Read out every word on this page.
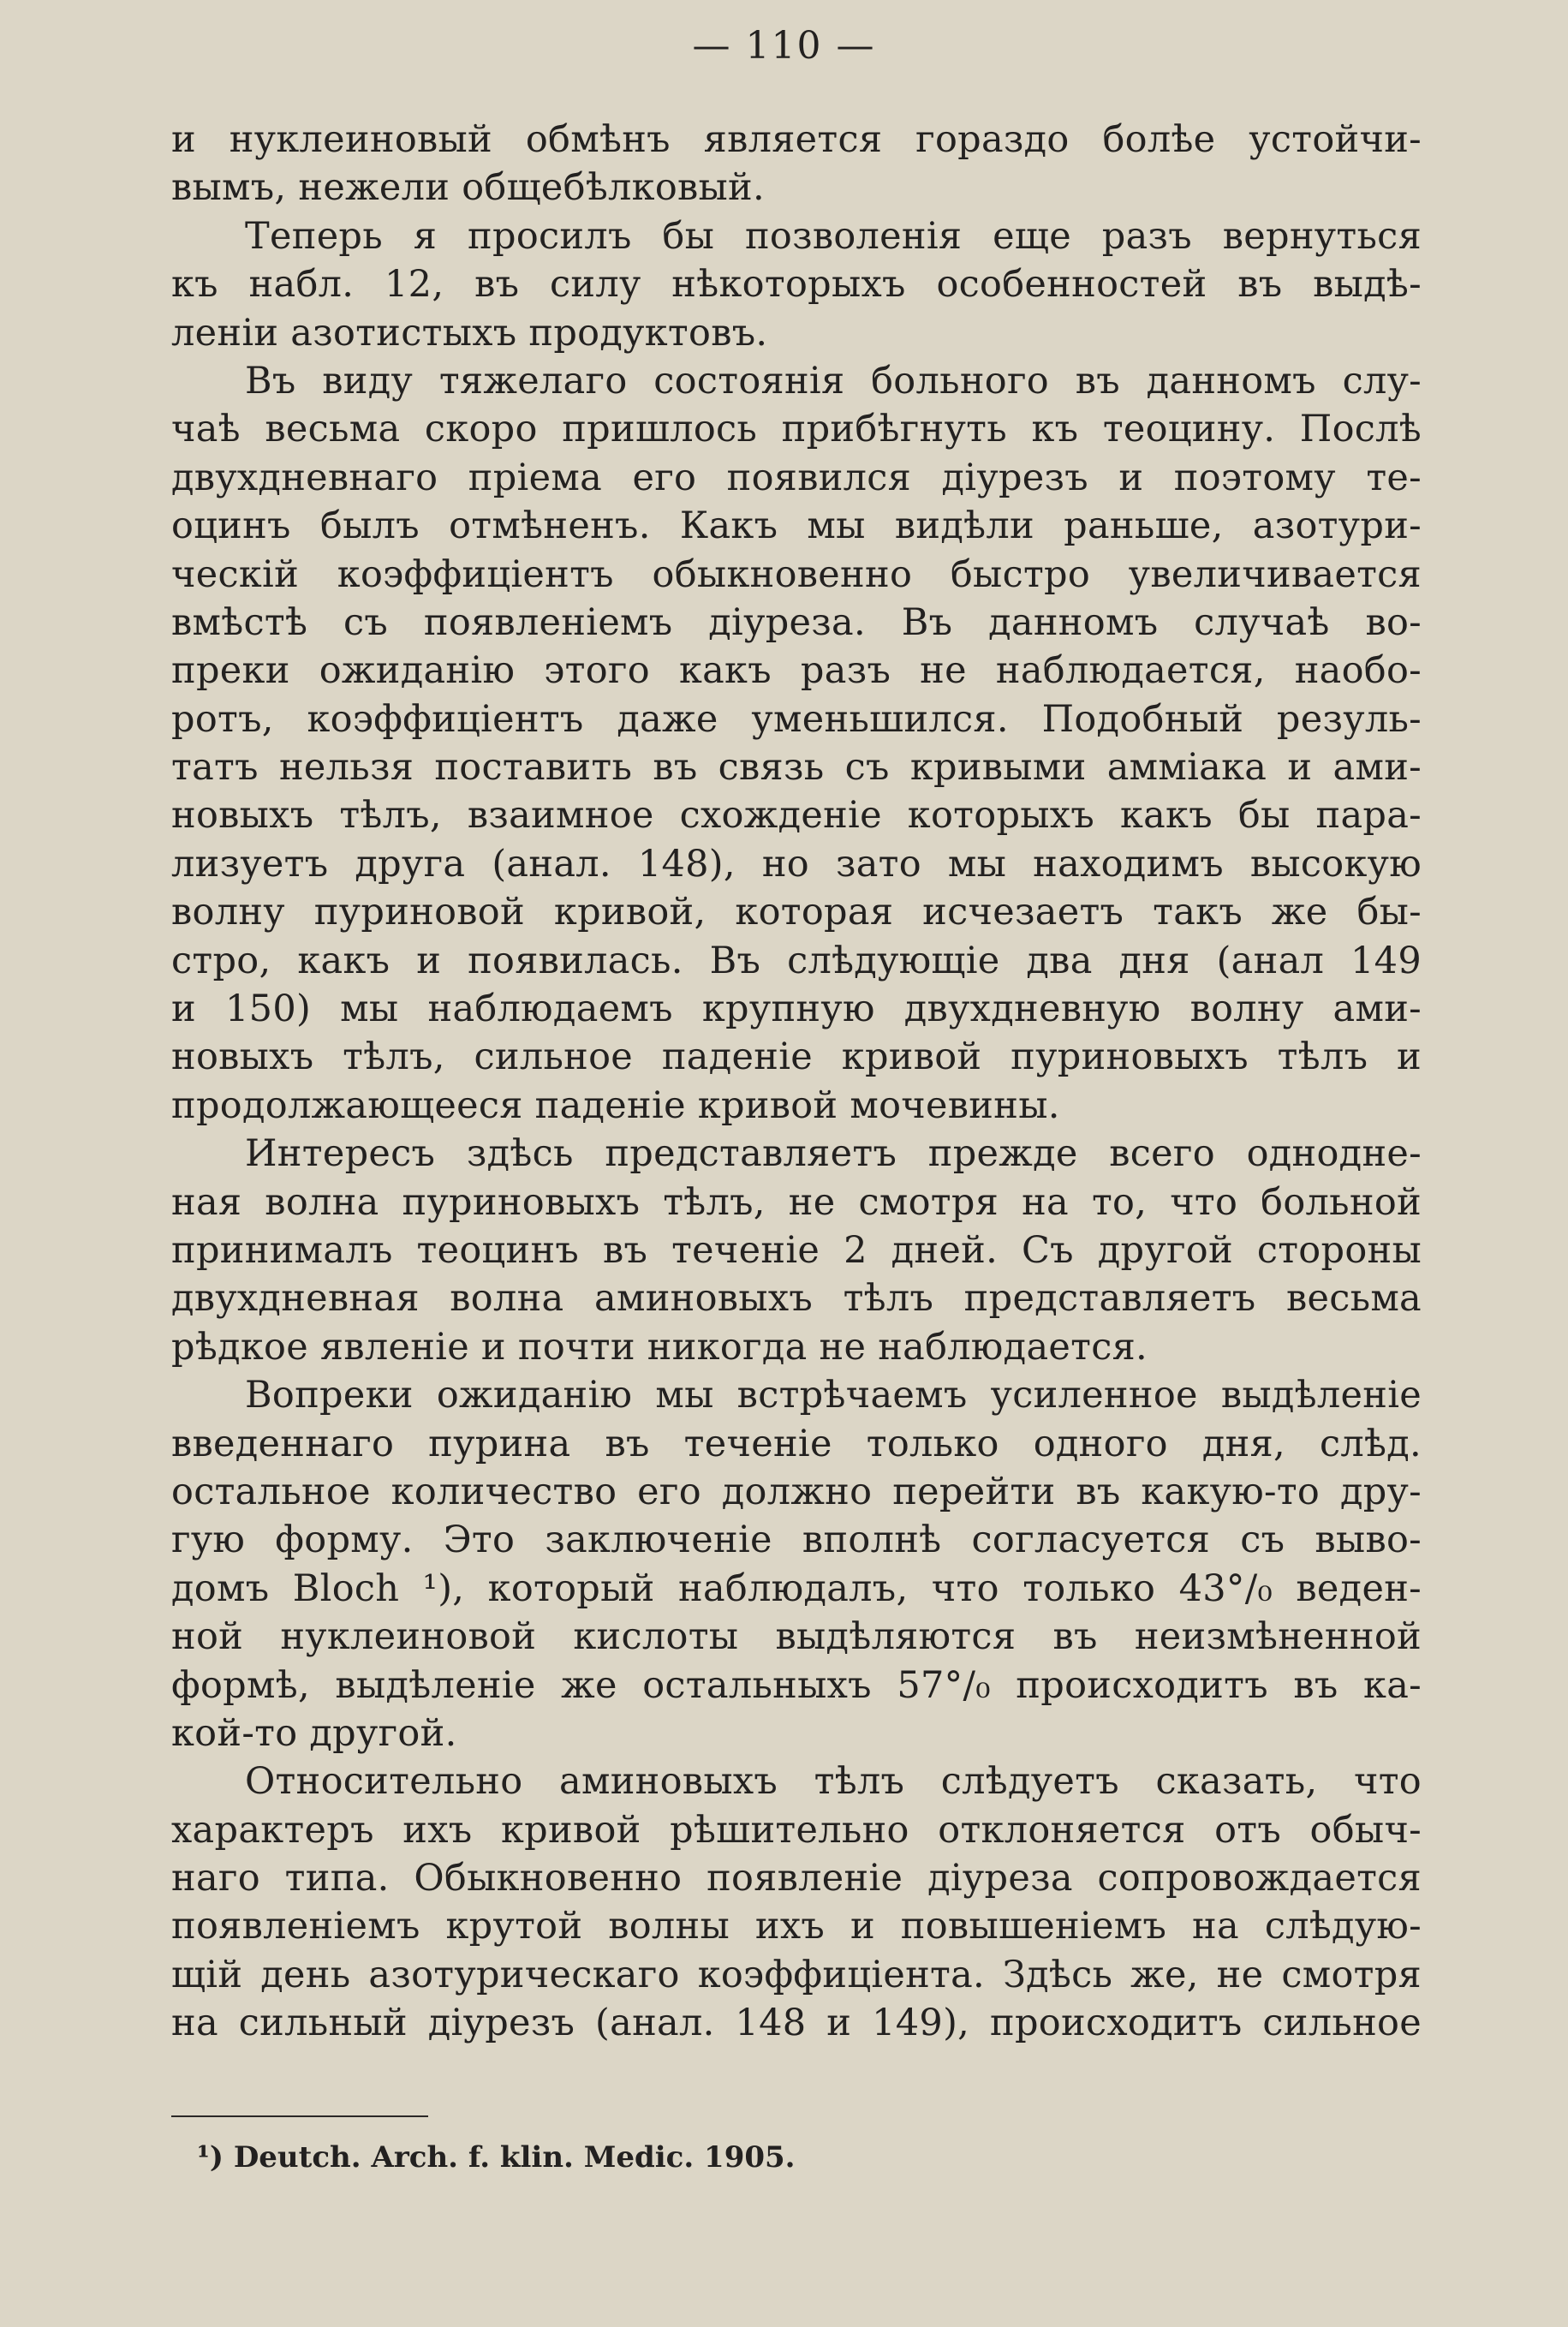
— 110 —
и нуклеиновый обмѣнъ является гораздо болѣе устойчи-
вымъ, нежели общебѣлковый.
Теперь я просилъ бы позволенія еще разъ вернуться
къ набл. 12, въ силу нѣкоторыхъ особенностей въ выдѣ-
леніи азотистыхъ продуктовъ.
Въ виду тяжелаго состоянія больного въ данномъ слу-
чаѣ весьма скоро пришлось прибѣгнуть къ теоцину. Послѣ
двухдневнаго пріема его появился діурезъ и поэтому те-
оцинъ былъ отмѣненъ. Какъ мы видѣли раньше, азотури-
ческій коэффиціентъ обыкновенно быстро увеличивается
вмѣстѣ съ появленіемъ діуреза. Въ данномъ случаѣ во-
преки ожиданію этого какъ разъ не наблюдается, наобо-
ротъ, коэффиціентъ даже уменьшился. Подобный резуль-
татъ нельзя поставить въ связь съ кривыми амміака и ами-
новыхъ тѣлъ, взаимное схожденіе которыхъ какъ бы пара-
лизуетъ друга (анал. 148), но зато мы находимъ высокую
волну пуриновой кривой, которая исчезаетъ такъ же бы-
стро, какъ и появилась. Въ слѣдующіе два дня (анал 149
и 150) мы наблюдаемъ крупную двухдневную волну ами-
новыхъ тѣлъ, сильное паденіе кривой пуриновыхъ тѣлъ и
продолжающееся паденіе кривой мочевины.
Интересъ здѣсь представляетъ прежде всего однодне-
ная волна пуриновыхъ тѣлъ, не смотря на то, что больной
принималъ теоцинъ въ теченіе 2 дней. Съ другой стороны
двухдневная волна аминовыхъ тѣлъ представляетъ весьма
рѣдкое явленіе и почти никогда не наблюдается.
Вопреки ожиданію мы встрѣчаемъ усиленное выдѣленіе
введеннаго пурина въ теченіе только одного дня, слѣд.
остальное количество его должно перейти въ какую-то дру-
гую форму. Это заключеніе вполнѣ согласуется съ выво-
домъ Bloch ¹), который наблюдалъ, что только 43°/₀ веден-
ной нуклеиновой кислоты выдѣляются въ неизмѣненной
формѣ, выдѣленіе же остальныхъ 57°/₀ происходитъ въ ка-
кой-то другой.
Относительно аминовыхъ тѣлъ слѣдуетъ сказать, что
характеръ ихъ кривой рѣшительно отклоняется отъ обыч-
наго типа. Обыкновенно появленіе діуреза сопровождается
появленіемъ крутой волны ихъ и повышеніемъ на слѣдую-
щій день азотурическаго коэффиціента. Здѣсь же, не смотря
на сильный діурезъ (анал. 148 и 149), происходитъ сильное
¹) Deutch. Arch. f. klin. Medic. 1905.
